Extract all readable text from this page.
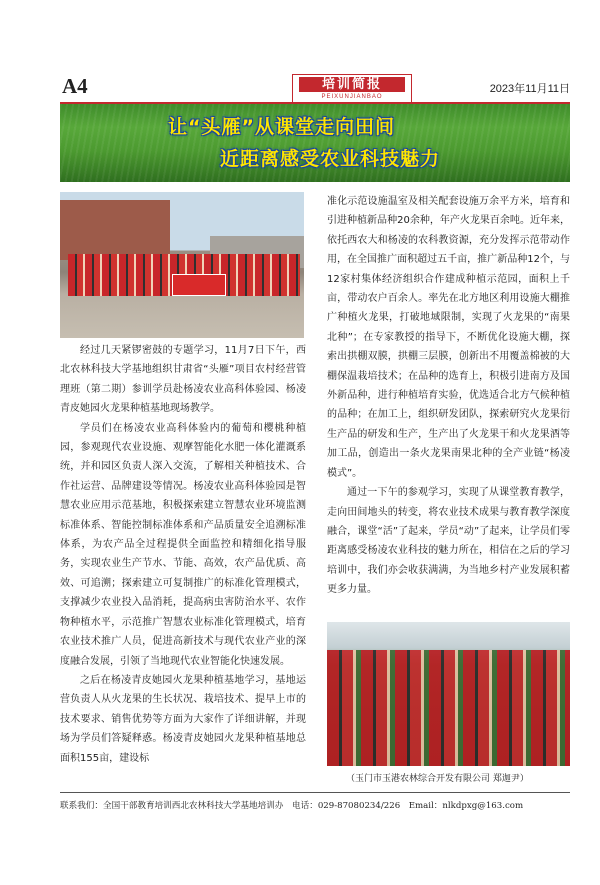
A4	培训简报
PEIXUNJIANBAO
2023年11月11日
让“头雁”从课堂走向田间
近距离感受农业科技魅力

经过几天紧锣密鼓的专题学习，11月7日下午，西北农林科技大学基地组织甘肃省“头雁”项目农村经营管理班（第二期）参训学员赴杨凌农业高科体验园、杨凌青皮她园火龙果种植基地现场教学。

学员们在杨凌农业高科体验内的葡萄和樱桃种植园，参观现代农业设施、观摩智能化水肥一体化灌溉系统，并和园区负责人深入交流，了解相关种植技术、合作社运营、品牌建设等情况。杨凌农业高科体验园是智慧农业应用示范基地，积极探索建立智慧农业环境监测标准体系、智能控制标准体系和产品质量安全追溯标准体系，为农产品全过程提供全面监控和精细化指导服务，实现农业生产节水、节能、高效，农产品优质、高效、可追溯；探索建立可复制推广的标准化管理模式，支撑减少农业投入品消耗，提高病虫害防治水平、农作物种植水平，示范推广智慧农业标准化管理模式，培育农业技术推广人员，促进高新技术与现代农业产业的深度融合发展，引领了当地现代农业智能化快速发展。

之后在杨凌青皮她园火龙果种植基地学习，基地运营负责人从火龙果的生长状况、栽培技术、提早上市的技术要求、销售优势等方面为大家作了详细讲解，并现场为学员们答疑释惑。杨凌青皮她园火龙果种植基地总面积155亩，建设标

准化示范设施温室及相关配套设施万余平方米，培育和引进种植新品种20余种，年产火龙果百余吨。近年来，依托西农大和杨凌的农科教资源，充分发挥示范带动作用，在全国推广面积超过五千亩，推广新品种12个，与12家村集体经济组织合作建成种植示范园，面积上千亩，带动农户百余人。率先在北方地区利用设施大棚推广种植火龙果，打破地域限制，实现了火龙果的“南果北种”；在专家教授的指导下，不断优化设施大棚，探索出拱棚双膜，拱棚三层膜，创新出不用覆盖棉被的大棚保温栽培技术；在品种的选育上，积极引进南方及国外新品种，进行种植培育实验，优选适合北方气候种植的品种；在加工上，组织研发团队，探索研究火龙果衍生产品的研发和生产，生产出了火龙果干和火龙果酒等加工品，创造出一条火龙果南果北种的全产业链“杨凌模式”。

通过一下午的参观学习，实现了从课堂教育教学，走向田间地头的转变，将农业技术成果与教育教学深度融合，课堂“活”了起来，学员“动”了起来，让学员们零距离感受杨凌农业科技的魅力所在，相信在之后的学习培训中，我们亦会收获满满，为当地乡村产业发展积蓄更多力量。

（玉门市玉港农林综合开发有限公司 郑迦尹）
联系我们：全国干部教育培训西北农林科技大学基地培训办　电话：029-87080234/226　Email：nlkdpxg@163.com
